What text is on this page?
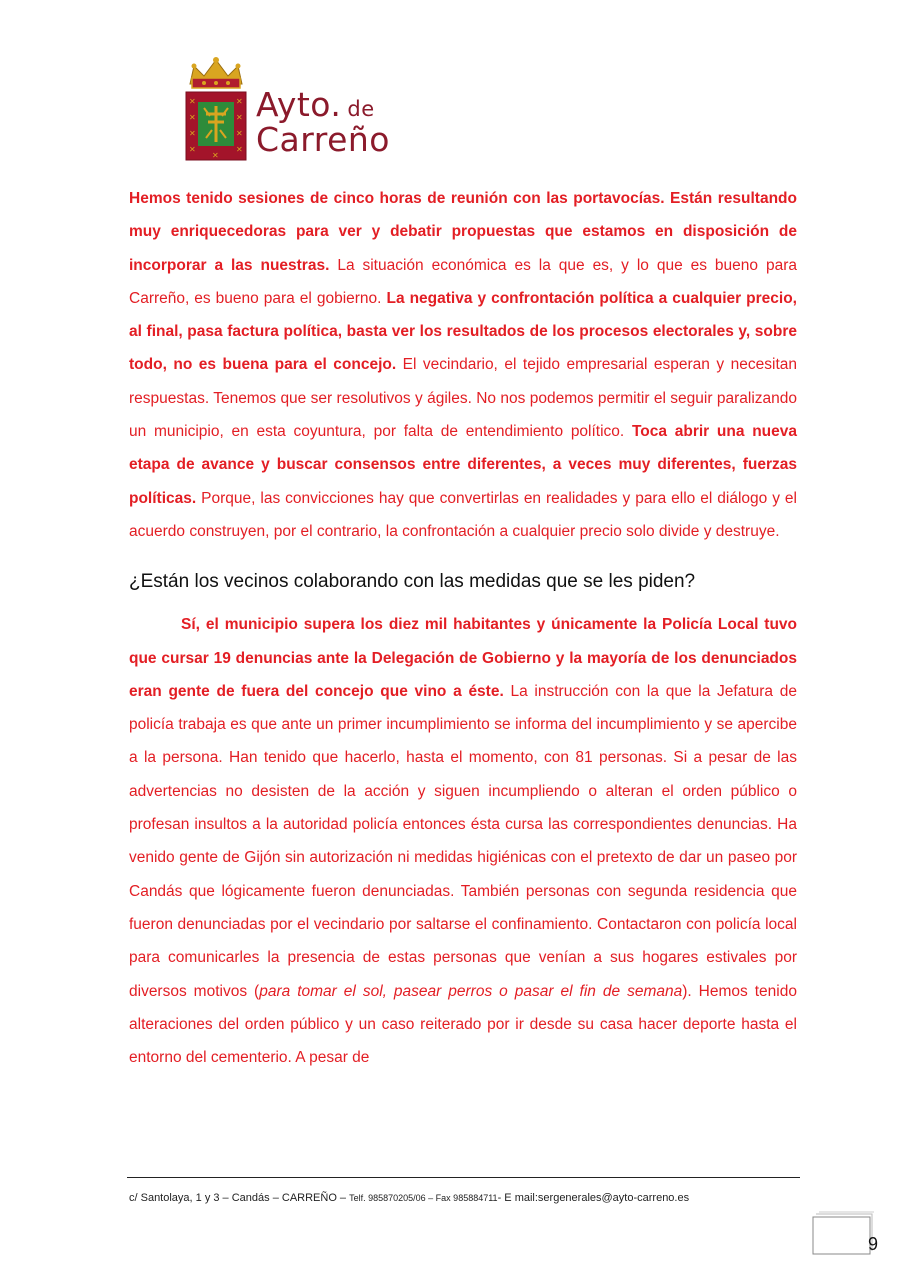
✕
✕
✕
✕
✕
✕
✕
✕
✕
Ayto. de
Carreño

Hemos tenido sesiones de cinco horas de reunión con las portavocías. Están resultando muy enriquecedoras para ver y debatir propuestas que estamos en disposición de incorporar a las nuestras. La situación económica es la que es, y lo que es bueno para Carreño, es bueno para el gobierno. La negativa y confrontación política a cualquier precio, al final, pasa factura política, basta ver los resultados de los procesos electorales y, sobre todo, no es buena para el concejo. El vecindario, el tejido empresarial esperan y necesitan respuestas. Tenemos que ser resolutivos y ágiles. No nos podemos permitir el seguir paralizando un municipio, en esta coyuntura, por falta de entendimiento político. Toca abrir una nueva etapa de avance y buscar consensos entre diferentes, a veces muy diferentes, fuerzas políticas. Porque, las convicciones hay que convertirlas en realidades y para ello el diálogo y el acuerdo construyen, por el contrario, la confrontación a cualquier precio solo divide y destruye.

¿Están los vecinos colaborando con las medidas que se les piden?

Sí, el municipio supera los diez mil habitantes y únicamente la Policía Local tuvo que cursar 19 denuncias ante la Delegación de Gobierno y la mayoría de los denunciados eran gente de fuera del concejo que vino a éste. La instrucción con la que la Jefatura de policía trabaja es que ante un primer incumplimiento se informa del incumplimiento y se apercibe a la persona. Han tenido que hacerlo, hasta el momento, con 81 personas. Si a pesar de las advertencias no desisten de la acción y siguen incumpliendo o alteran el orden público o profesan insultos a la autoridad policía entonces ésta cursa las correspondientes denuncias. Ha venido gente de Gijón sin autorización ni medidas higiénicas con el pretexto de dar un paseo por Candás que lógicamente fueron denunciadas. También personas con segunda residencia que fueron denunciadas por el vecindario por saltarse el confinamiento. Contactaron con policía local para comunicarles la presencia de estas personas que venían a sus hogares estivales por diversos motivos (para tomar el sol, pasear perros o pasar el fin de semana). Hemos tenido alteraciones del orden público y un caso reiterado por ir desde su casa hacer deporte hasta el entorno del cementerio. A pesar de

c/ Santolaya, 1 y 3 – Candás – CARREÑO – Telf. 985870205/06 – Fax 985884711- E mail:sergenerales@ayto-carreno.es
9
